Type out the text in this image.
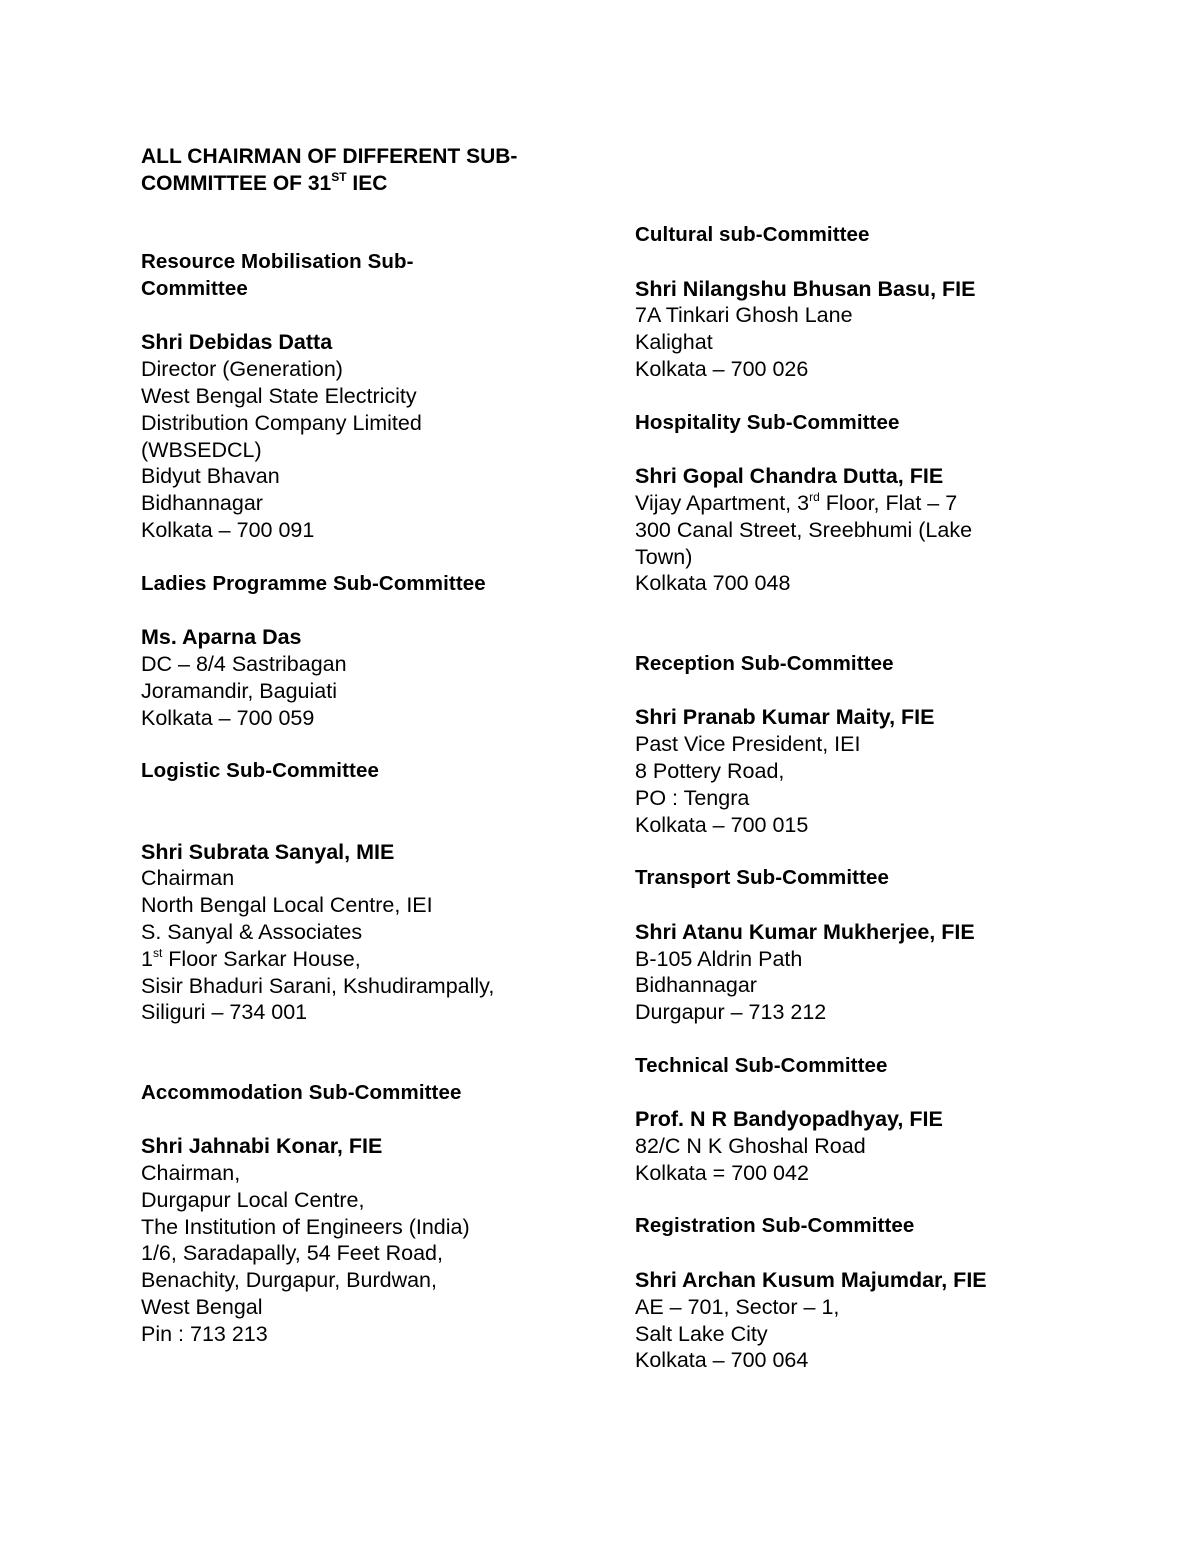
ALL CHAIRMAN OF DIFFERENT SUB-
COMMITTEE OF 31ST IEC
Resource Mobilisation Sub-
Committee
Shri Debidas Datta
Director (Generation)
West Bengal State Electricity
Distribution Company Limited
(WBSEDCL)
Bidyut Bhavan
Bidhannagar
Kolkata – 700 091
Ladies Programme Sub-Committee
Ms. Aparna Das
DC – 8/4 Sastribagan
Joramandir, Baguiati
Kolkata – 700 059
Logistic Sub-Committee
Shri Subrata Sanyal, MIE
Chairman
North Bengal Local Centre, IEI
S. Sanyal & Associates
1st Floor Sarkar House,
Sisir Bhaduri Sarani, Kshudirampally,
Siliguri – 734 001
Accommodation Sub-Committee
Shri Jahnabi Konar, FIE
Chairman,
Durgapur Local Centre,
The Institution of Engineers (India)
1/6, Saradapally, 54 Feet Road,
Benachity, Durgapur, Burdwan,
West Bengal
Pin : 713 213
Cultural sub-Committee
Shri Nilangshu Bhusan Basu, FIE
7A Tinkari Ghosh Lane
Kalighat
Kolkata – 700 026
Hospitality Sub-Committee
Shri Gopal Chandra Dutta, FIE
Vijay Apartment, 3rd Floor, Flat – 7
300 Canal Street, Sreebhumi (Lake
Town)
Kolkata 700 048
Reception Sub-Committee
Shri Pranab Kumar Maity, FIE
Past Vice President, IEI
8 Pottery Road,
PO : Tengra
Kolkata – 700 015
Transport Sub-Committee
Shri Atanu Kumar Mukherjee, FIE
B-105 Aldrin Path
Bidhannagar
Durgapur – 713 212
Technical Sub-Committee
Prof. N R Bandyopadhyay, FIE
82/C N K Ghoshal Road
Kolkata = 700 042
Registration Sub-Committee
Shri Archan Kusum Majumdar, FIE
AE – 701, Sector – 1,
Salt Lake City
Kolkata – 700 064
